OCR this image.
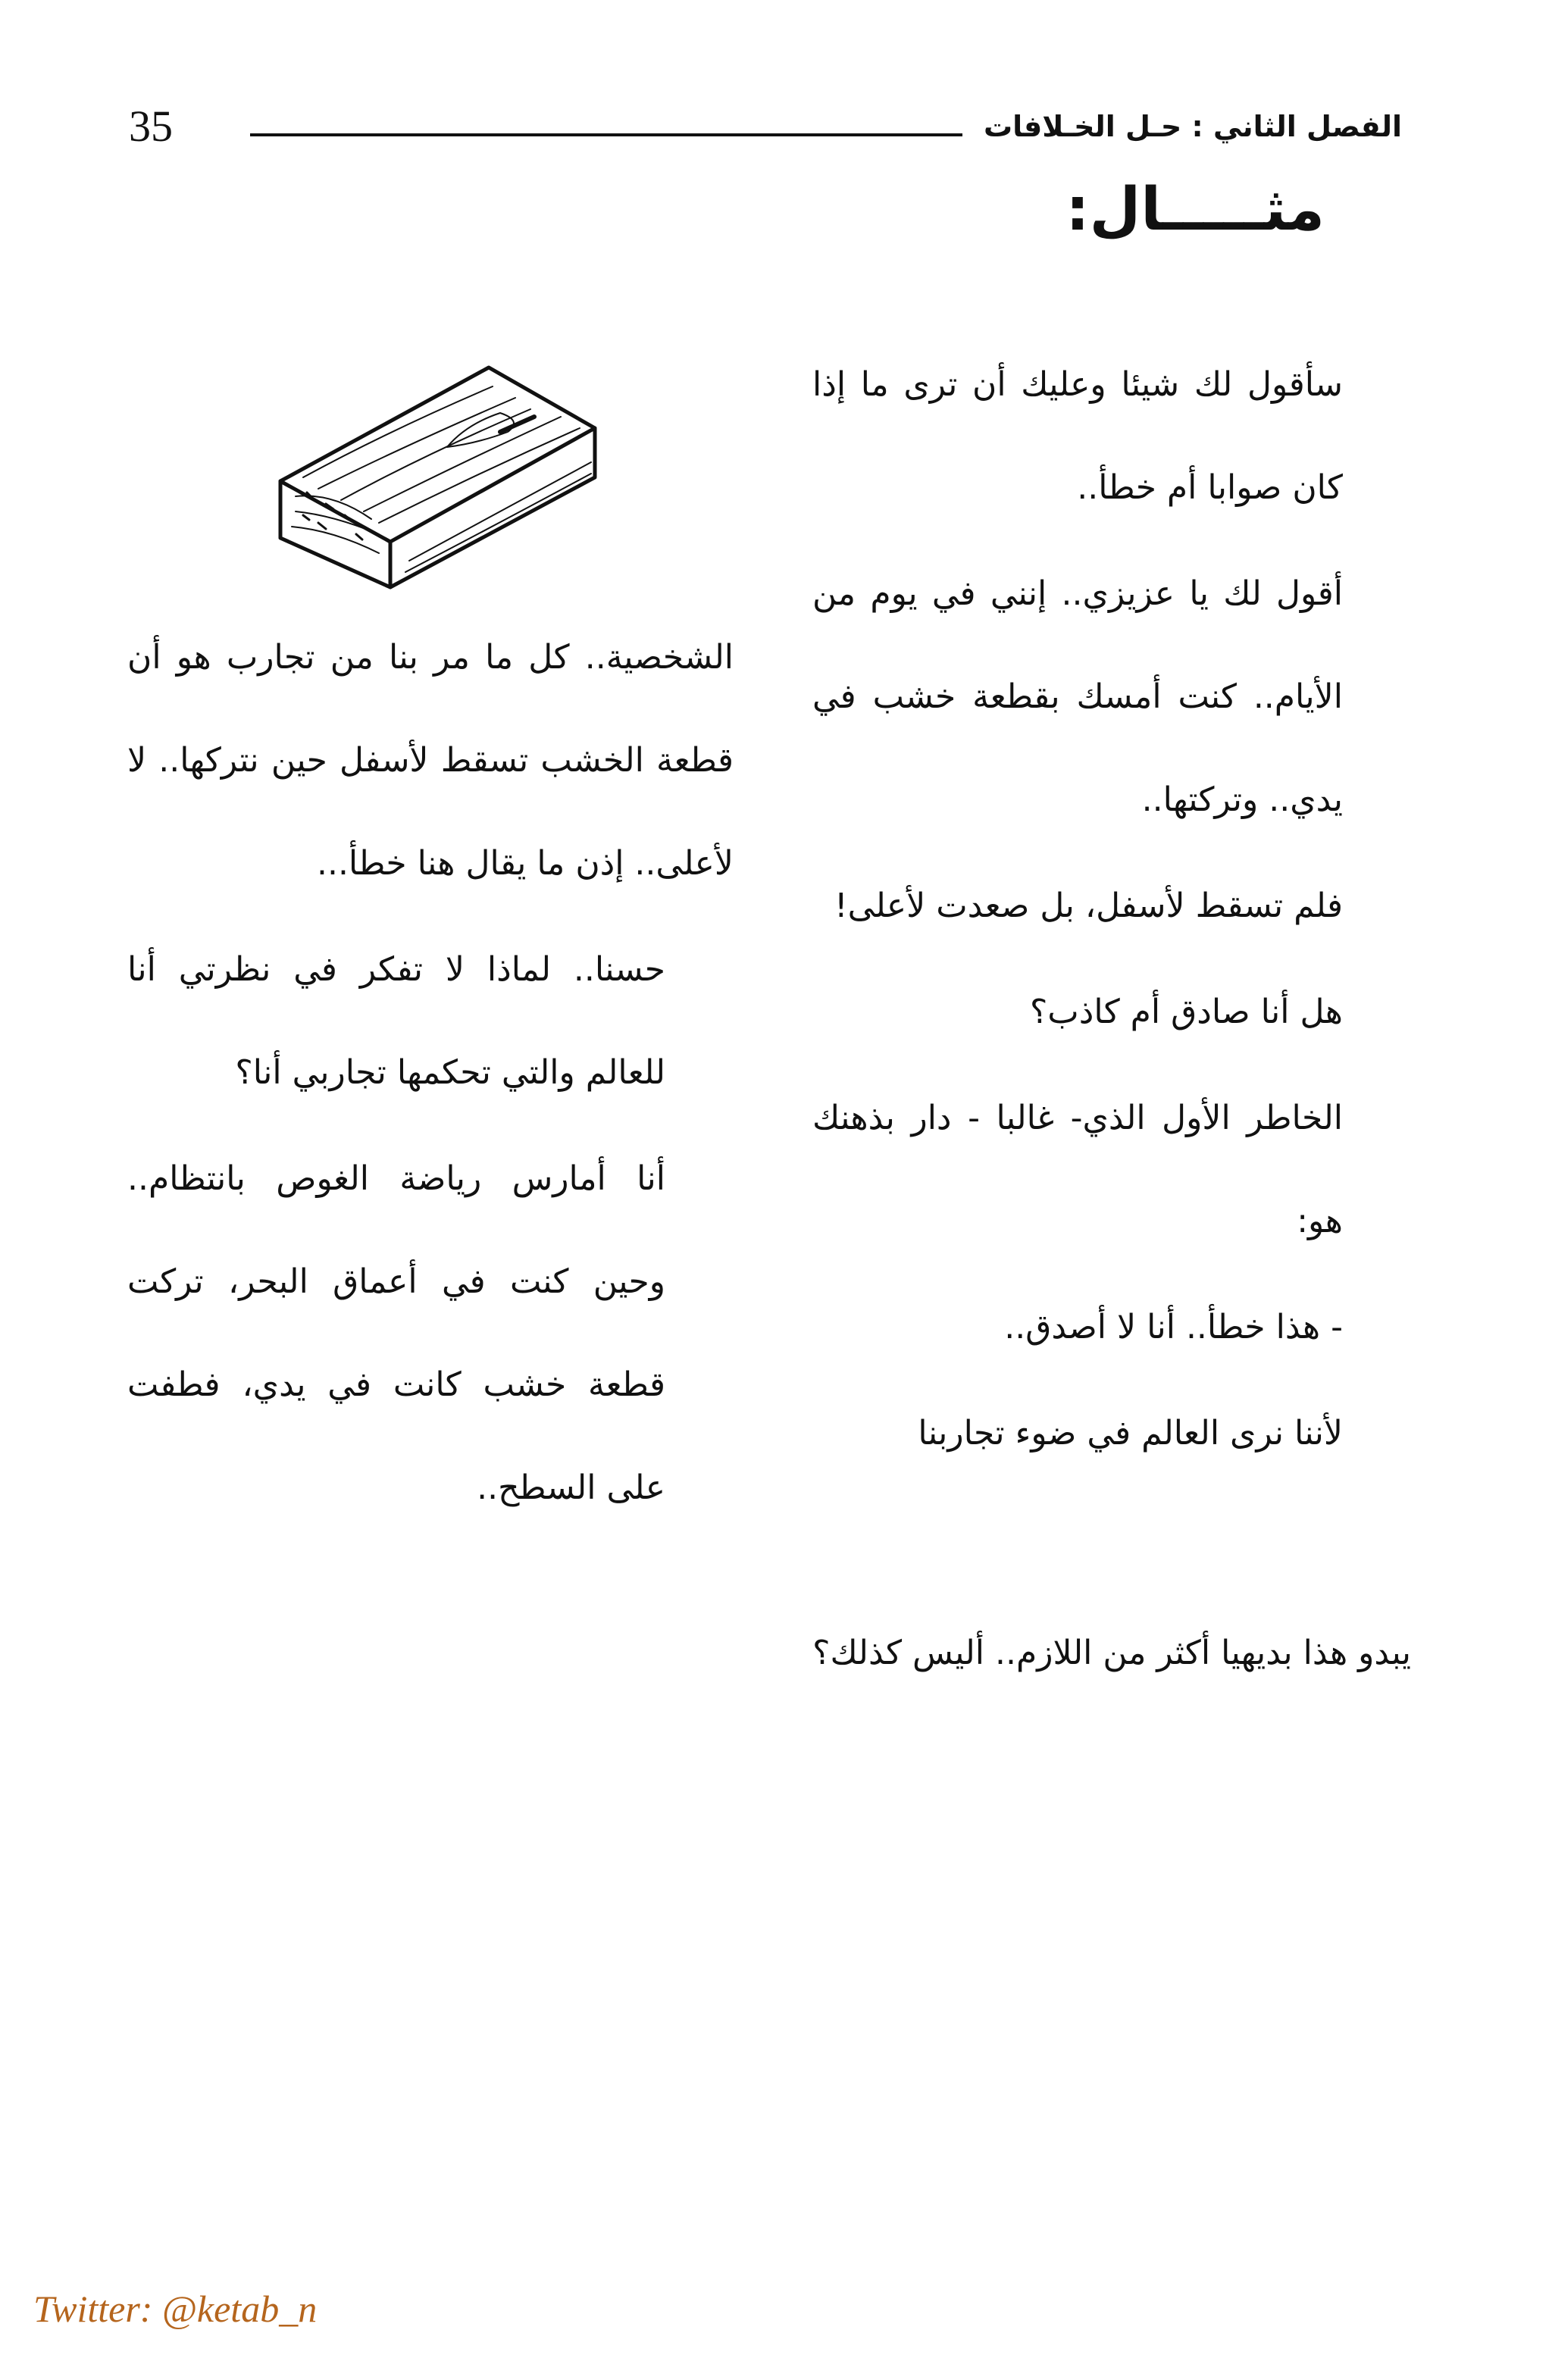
35	الفصل الثاني : حـل الخـلافات
مثـــــال:

سأقول لك شيئا وعليك أن ترى ما إذا كان صوابا أم خطأ..

أقول لك يا عزيزي.. إنني في يوم من الأيام.. كنت أمسك بقطعة خشب في يدي.. وتركتها..

فلم تسقط لأسفل، بل صعدت لأعلى!

هل أنا صادق أم كاذب؟

الخاطر الأول الذي- غالبا - دار بذهنك هو:

- هذا خطأ.. أنا لا أصدق..

لأننا نرى العالم في ضوء تجاربنا

الشخصية.. كل ما مر بنا من تجارب هو أن قطعة الخشب تسقط لأسفل حين نتركها.. لا لأعلى.. إذن ما يقال هنا خطأ...

حسنا.. لماذا لا تفكر في نظرتي أنا للعالم والتي تحكمها تجاربي أنا؟

أنا أمارس رياضة الغوص بانتظام.. وحين كنت في أعماق البحر، تركت قطعة خشب كانت في يدي، فطفت على السطح..

يبدو هذا بديهيا أكثر من اللازم.. أليس كذلك؟
Twitter: @ketab_n
